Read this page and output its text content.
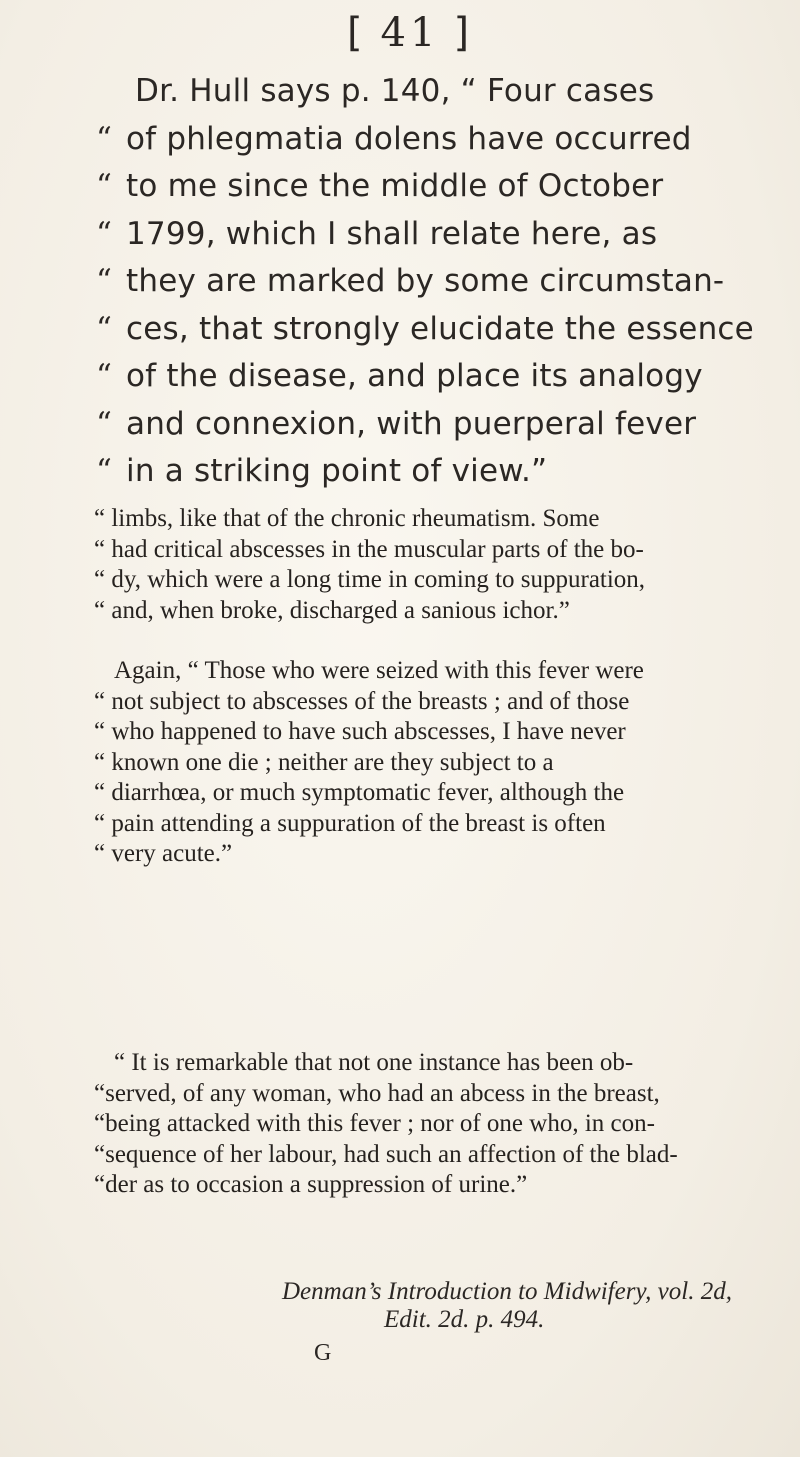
[ 41 ]
Dr. Hull says p. 140, “ Four cases
“ of phlegmatia dolens have occurred
“ to me since the middle of October
“ 1799, which I shall relate here, as
“ they are marked by some circumstan-
“ ces, that strongly elucidate the essence
“ of the disease, and place its analogy
“ and connexion, with puerperal fever
“ in a striking point of view.”
“ limbs, like that of the chronic rheumatism. Some
“ had critical abscesses in the muscular parts of the bo-
“ dy, which were a long time in coming to suppuration,
“ and, when broke, discharged a sanious ichor.”
Again, “ Those who were seized with this fever were
“ not subject to abscesses of the breasts ; and of those
“ who happened to have such abscesses, I have never
“ known one die ; neither are they subject to a
“ diarrhœa, or much symptomatic fever, although the
“ pain attending a suppuration of the breast is often
“ very acute.”
“ It is remarkable that not one instance has been ob-
“served, of any woman, who had an abcess in the breast,
“being attacked with this fever ; nor of one who, in con-
“sequence of her labour, had such an affection of the blad-
“der as to occasion a suppression of urine.”
Denman’s Introduction to Midwifery, vol. 2d,
Edit. 2d. p. 494.
G
